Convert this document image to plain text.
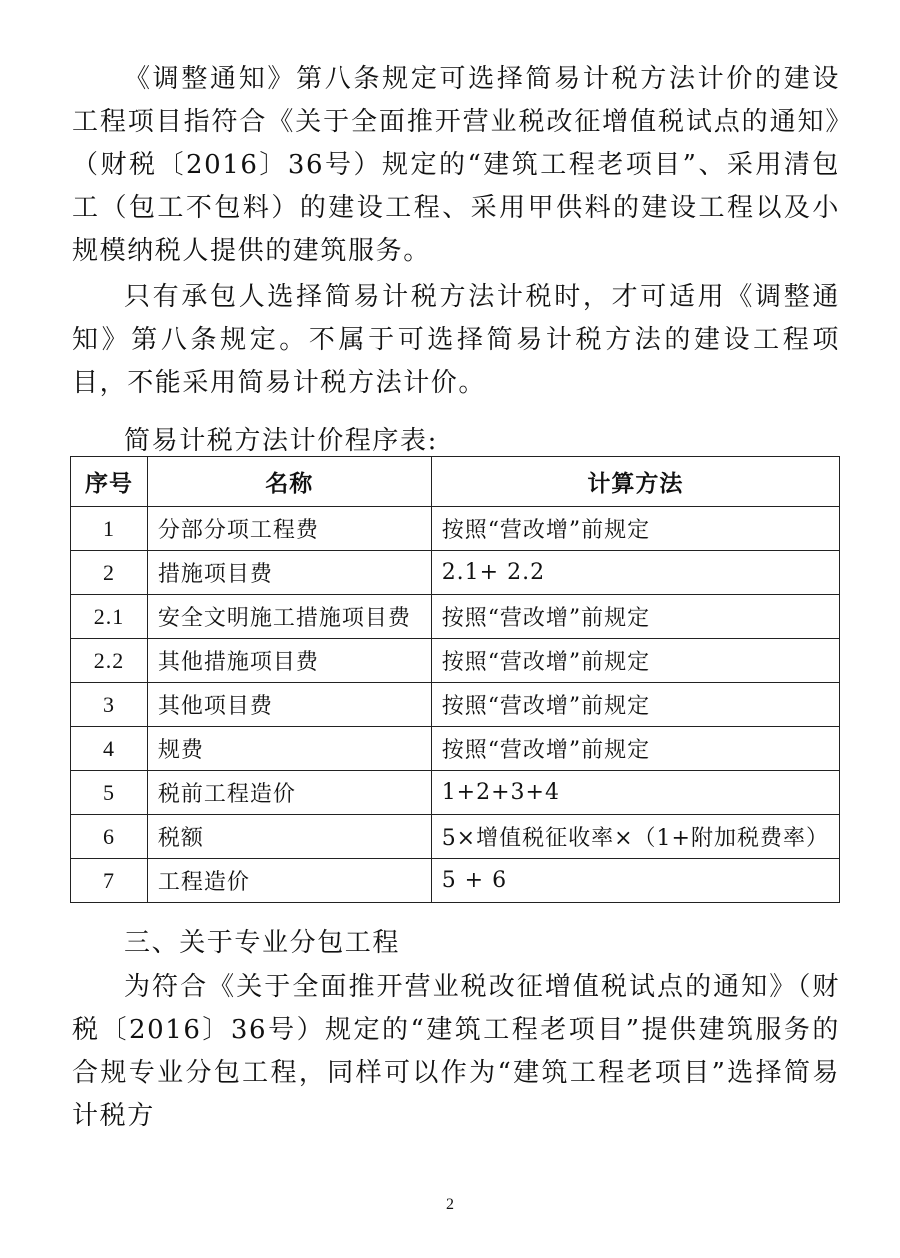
《调整通知》第八条规定可选择简易计税方法计价的建设工程项目指符合《关于全面推开营业税改征增值税试点的通知》（财税〔2016〕36号）规定的“建筑工程老项目”、采用清包工（包工不包料）的建设工程、采用甲供料的建设工程以及小规模纳税人提供的建筑服务。

只有承包人选择简易计税方法计税时，才可适用《调整通知》第八条规定。不属于可选择简易计税方法的建设工程项目，不能采用简易计税方法计价。

简易计税方法计价程序表:

序号	名称	计算方法
1	分部分项工程费	按照“营改增”前规定
2	措施项目费	2.1+ 2.2
2.1	安全文明施工措施项目费	按照“营改增”前规定
2.2	其他措施项目费	按照“营改增”前规定
3	其他项目费	按照“营改增”前规定
4	规费	按照“营改增”前规定
5	税前工程造价	1+2+3+4
6	税额	5×增值税征收率×（1+附加税费率）
7	工程造价	5 + 6

三、关于专业分包工程

为符合《关于全面推开营业税改征增值税试点的通知》（财税〔2016〕36号）规定的“建筑工程老项目”提供建筑服务的合规专业分包工程，同样可以作为“建筑工程老项目”选择简易计税方

2
